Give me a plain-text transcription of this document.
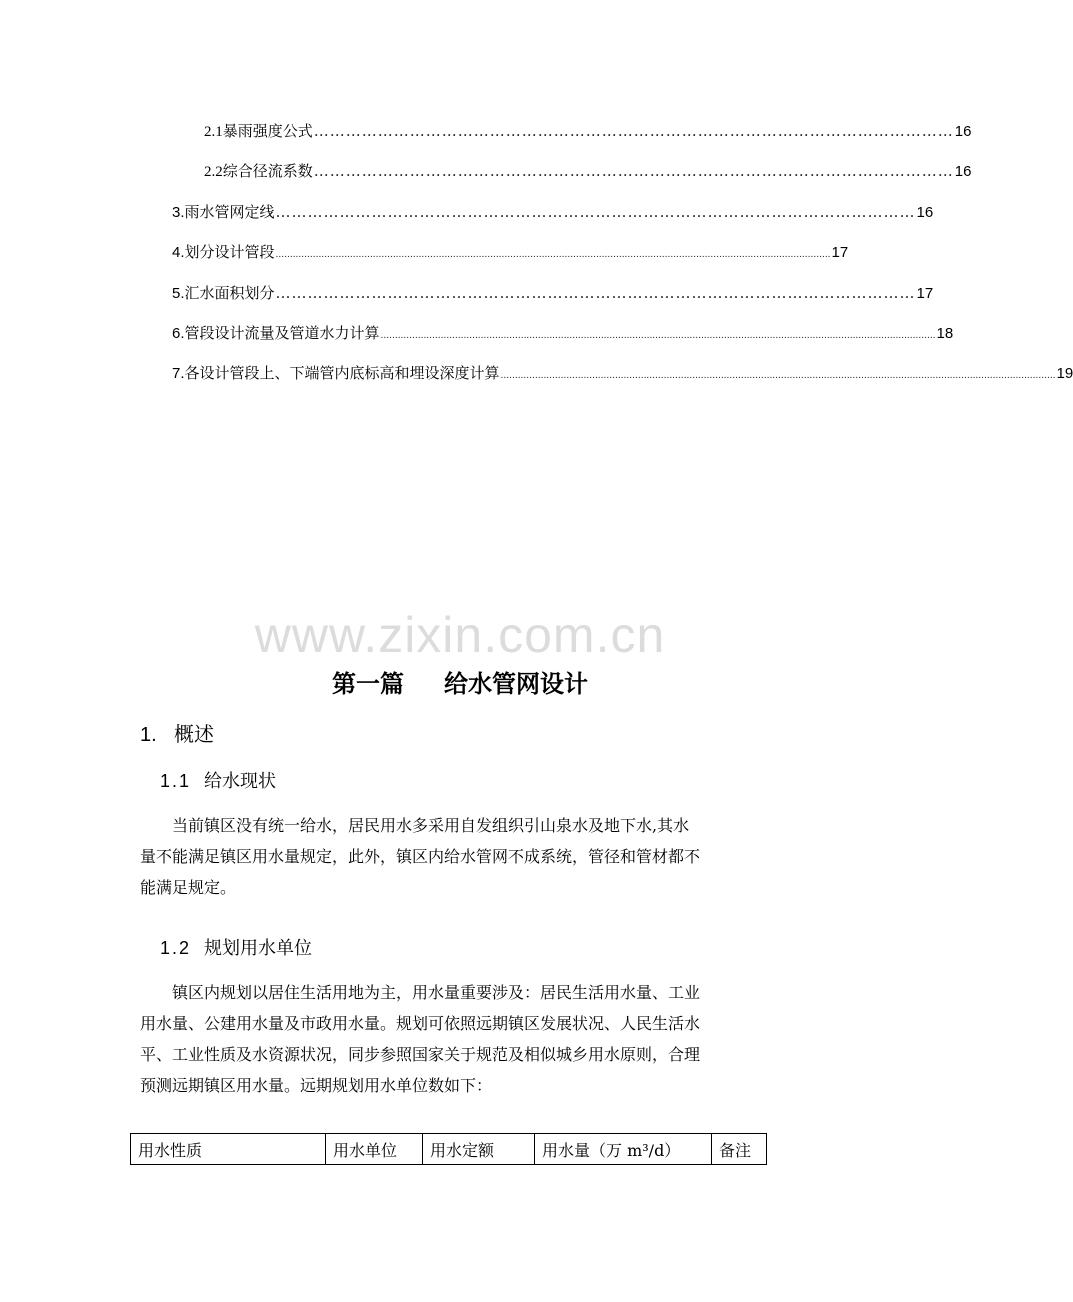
2.1 暴雨强度公式 ………………………………………………………………………………………………………… 16
2.2 综合径流系数 ………………………………………………………………………………………………………… 16
3. 雨水管网定线 ………………………………………………………………………………………………………… 16
4. 划分设计管段 .................................................................................................................................................................................................. 17
5. 汇水面积划分 ………………………………………………………………………………………………………… 17
6. 管段设计流量及管道水力计算 .................................................................................................................................................................................................. 18
7. 各设计管段上、下端管内底标高和埋设深度计算 .................................................................................................................................................................................................. 19
www.zixin.com.cn
第一篇 给水管网设计
1. 概述
1.1 给水现状
当前镇区没有统一给水，居民用水多采用自发组织引山泉水及地下水,其水
量不能满足镇区用水量规定，此外，镇区内给水管网不成系统，管径和管材都不
能满足规定。
1.2 规划用水单位
镇区内规划以居住生活用地为主，用水量重要涉及：居民生活用水量、工业
用水量、公建用水量及市政用水量。规划可依照远期镇区发展状况、人民生活水
平、工业性质及水资源状况，同步参照国家关于规范及相似城乡用水原则，合理
预测远期镇区用水量。远期规划用水单位数如下：
用水性质	用水单位	用水定额	用水量（万 m³/d）	备注
